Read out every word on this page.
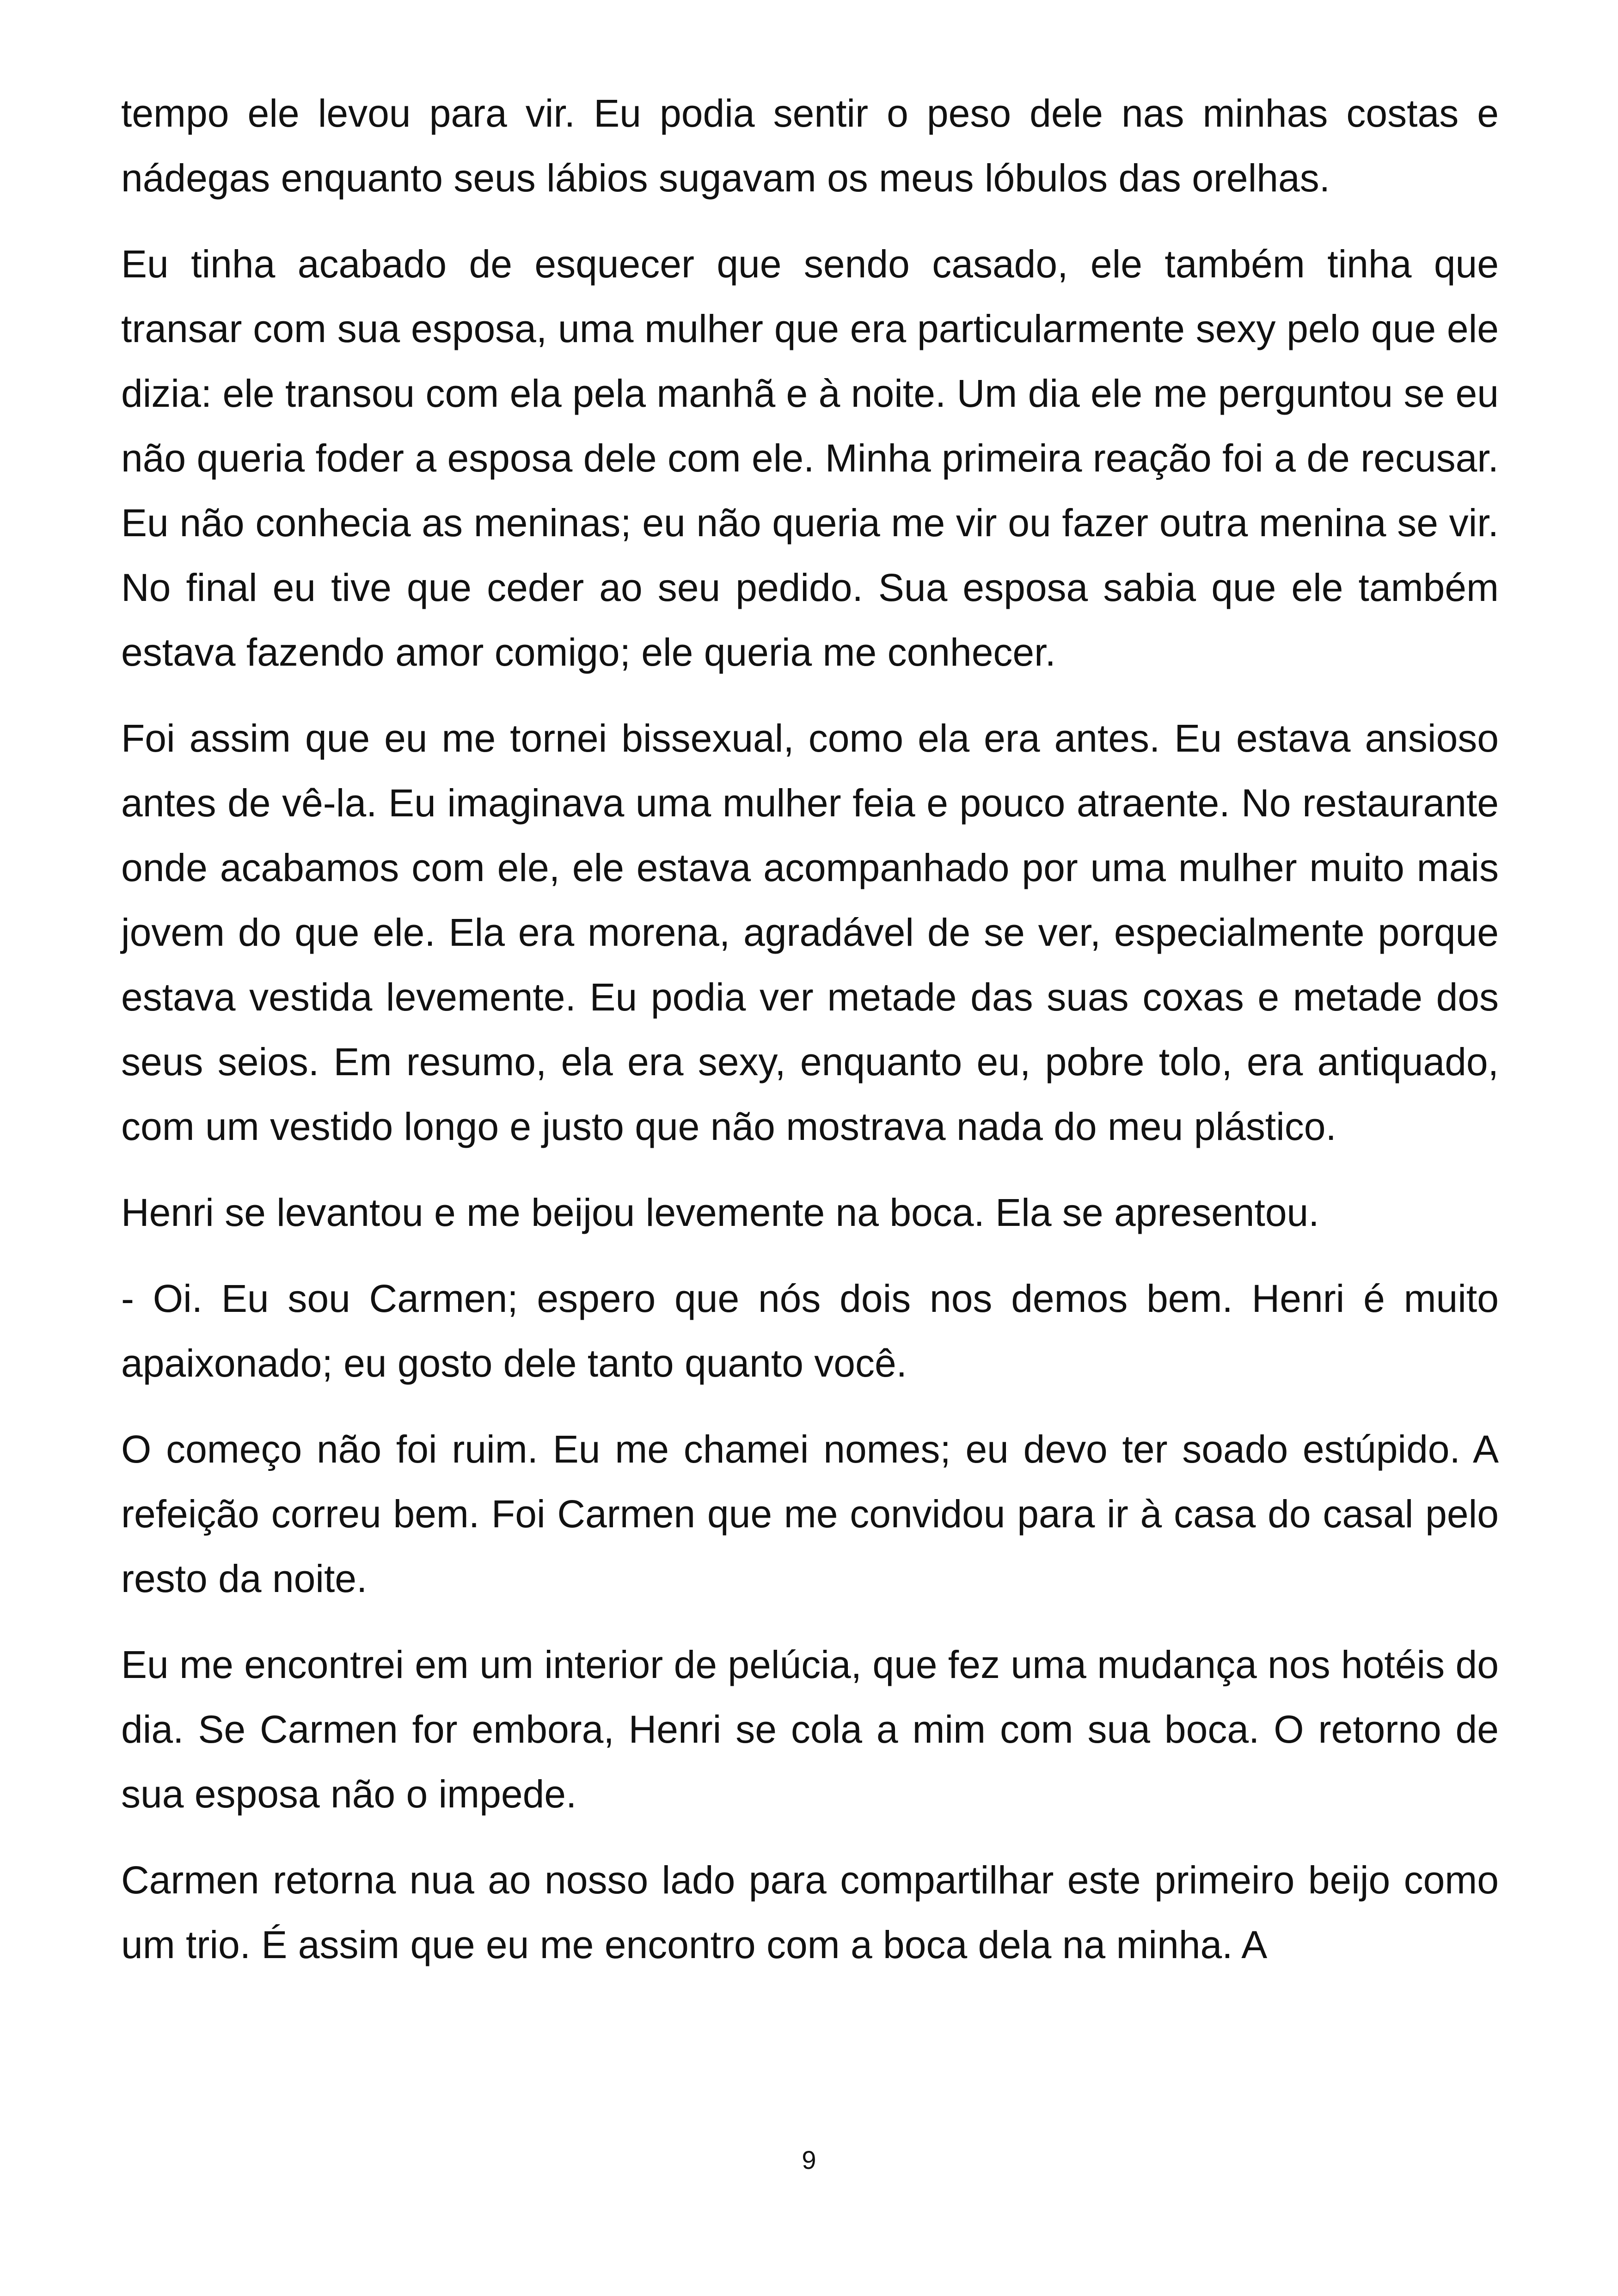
tempo ele levou para vir. Eu podia sentir o peso dele nas minhas costas e nádegas enquanto seus lábios sugavam os meus lóbulos das orelhas.

Eu tinha acabado de esquecer que sendo casado, ele também tinha que transar com sua esposa, uma mulher que era particularmente sexy pelo que ele dizia: ele transou com ela pela manhã e à noite. Um dia ele me perguntou se eu não queria foder a esposa dele com ele. Minha primeira reação foi a de recusar. Eu não conhecia as meninas; eu não queria me vir ou fazer outra menina se vir. No final eu tive que ceder ao seu pedido. Sua esposa sabia que ele também estava fazendo amor comigo; ele queria me conhecer.

Foi assim que eu me tornei bissexual, como ela era antes. Eu estava ansioso antes de vê-la. Eu imaginava uma mulher feia e pouco atraente. No restaurante onde acabamos com ele, ele estava acompanhado por uma mulher muito mais jovem do que ele. Ela era morena, agradável de se ver, especialmente porque estava vestida levemente. Eu podia ver metade das suas coxas e metade dos seus seios. Em resumo, ela era sexy, enquanto eu, pobre tolo, era antiquado, com um vestido longo e justo que não mostrava nada do meu plástico.

Henri se levantou e me beijou levemente na boca. Ela se apresentou.

- Oi. Eu sou Carmen; espero que nós dois nos demos bem. Henri é muito apaixonado; eu gosto dele tanto quanto você.

O começo não foi ruim. Eu me chamei nomes; eu devo ter soado estúpido. A refeição correu bem. Foi Carmen que me convidou para ir à casa do casal pelo resto da noite.

Eu me encontrei em um interior de pelúcia, que fez uma mudança nos hotéis do dia. Se Carmen for embora, Henri se cola a mim com sua boca. O retorno de sua esposa não o impede.

Carmen retorna nua ao nosso lado para compartilhar este primeiro beijo como um trio. É assim que eu me encontro com a boca dela na minha. A

9
